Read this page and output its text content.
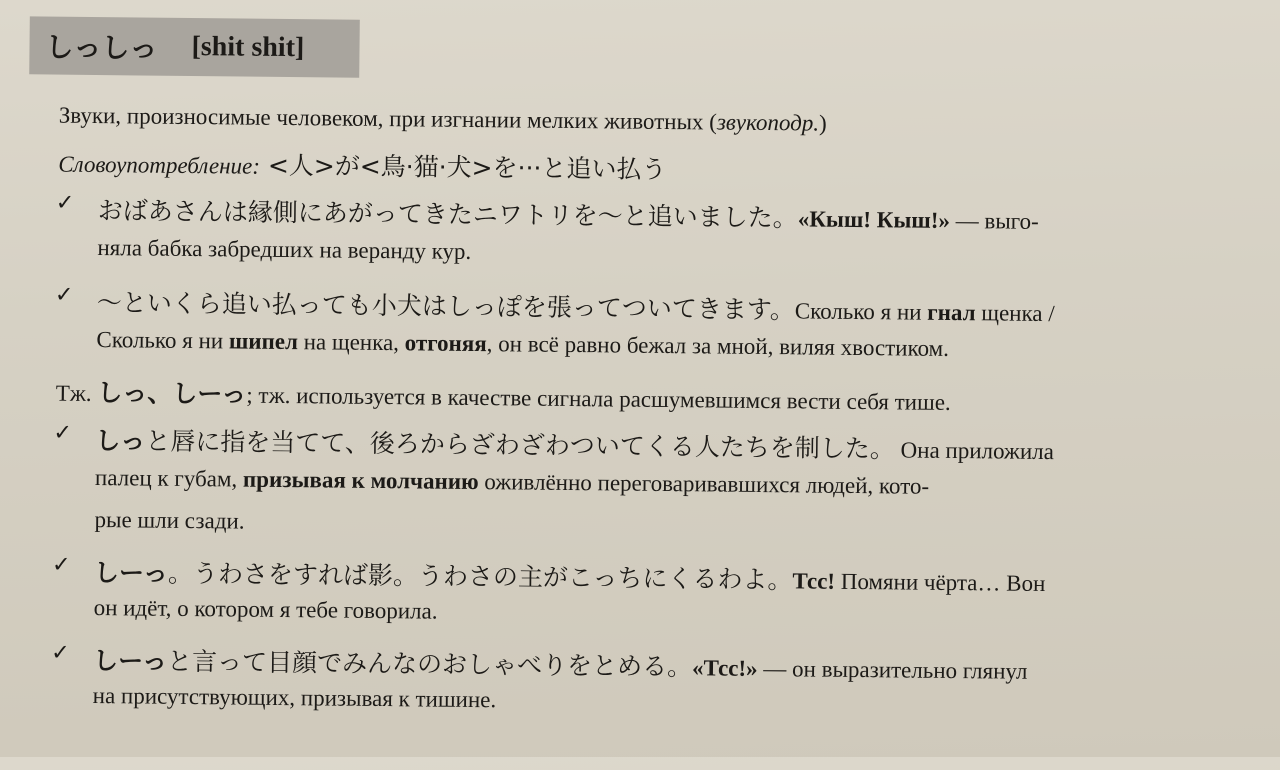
しっしっ [shit shit]
Звуки, произносимые человеком, при изгнании мелких животных (звукоподр.)
Словоупотребление: <人>が<鳥·猫·犬>を···と追い払う
✓ おばあさんは縁側にあがってきたニワトリを〜と追いました。«Кыш! Кыш!» — выго-
няла бабка забредших на веранду кур.
✓ 〜といくら追い払っても小犬はしっぽを張ってついてきます。Сколько я ни гнал щенка /
Сколько я ни шипел на щенка, отгоняя, он всё равно бежал за мной, виляя хвостиком.
Тж. しっ、しーっ; тж. используется в качестве сигнала расшумевшимся вести себя тише.
✓ しっと唇に指を当てて、後ろからざわざわついてくる人たちを制した。 Она приложила
палец к губам, призывая к молчанию оживлённо переговаривавшихся людей, кото-
рые шли сзади.
✓ しーっ。うわさをすれば影。うわさの主がこっちにくるわよ。Тсс! Помяни чёрта… Вон
он идёт, о котором я тебе говорила.
✓ しーっと言って目顔でみんなのおしゃべりをとめる。«Тсс!» — он выразительно глянул
на присутствующих, призывая к тишине.
